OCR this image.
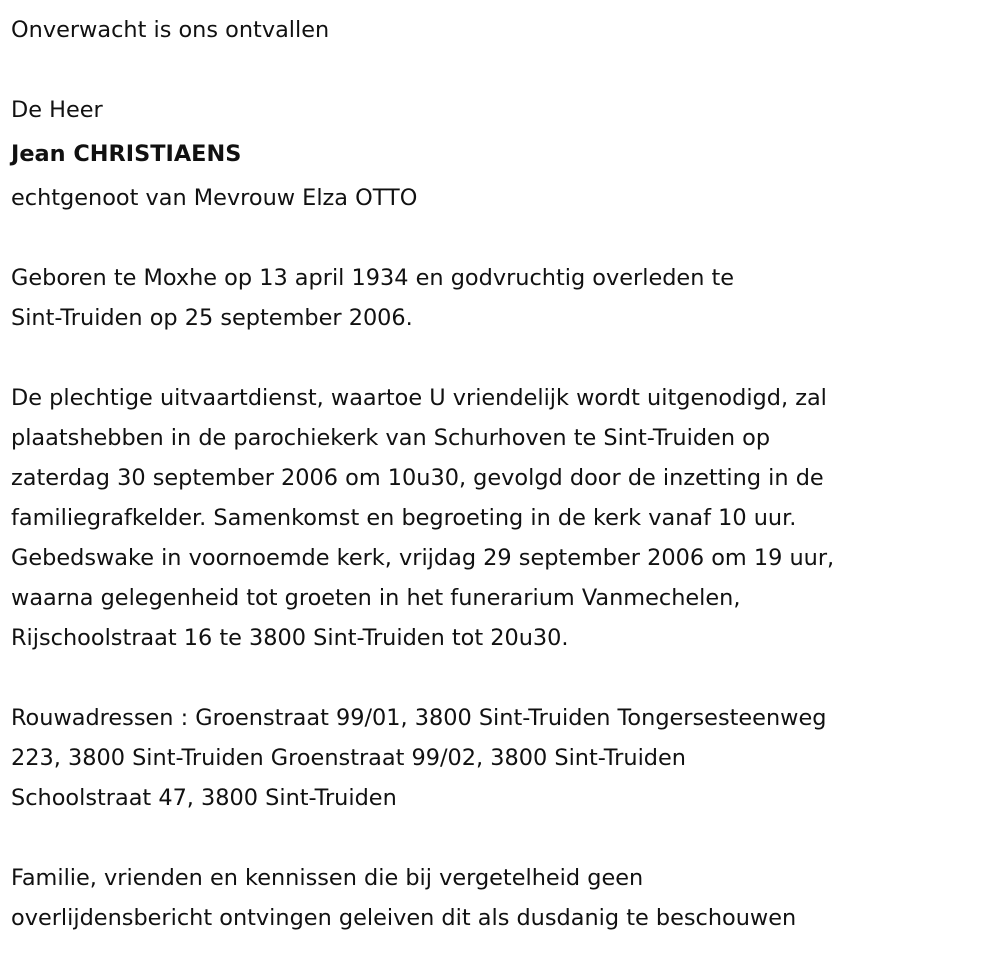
Onverwacht is ons ontvallen
De Heer
Jean CHRISTIAENS
echtgenoot van Mevrouw Elza OTTO
Geboren te Moxhe op 13 april 1934 en godvruchtig overleden te
Sint-Truiden op 25 september 2006.
De plechtige uitvaartdienst, waartoe U vriendelijk wordt uitgenodigd, zal
plaatshebben in de parochiekerk van Schurhoven te Sint-Truiden op
zaterdag 30 september 2006 om 10u30, gevolgd door de inzetting in de
familiegrafkelder. Samenkomst en begroeting in de kerk vanaf 10 uur.
Gebedswake in voornoemde kerk, vrijdag 29 september 2006 om 19 uur,
waarna gelegenheid tot groeten in het funerarium Vanmechelen,
Rijschoolstraat 16 te 3800 Sint-Truiden tot 20u30.
Rouwadressen : Groenstraat 99/01, 3800 Sint-Truiden Tongersesteenweg
223, 3800 Sint-Truiden Groenstraat 99/02, 3800 Sint-Truiden
Schoolstraat 47, 3800 Sint-Truiden
Familie, vrienden en kennissen die bij vergetelheid geen
overlijdensbericht ontvingen geleiven dit als dusdanig te beschouwen
